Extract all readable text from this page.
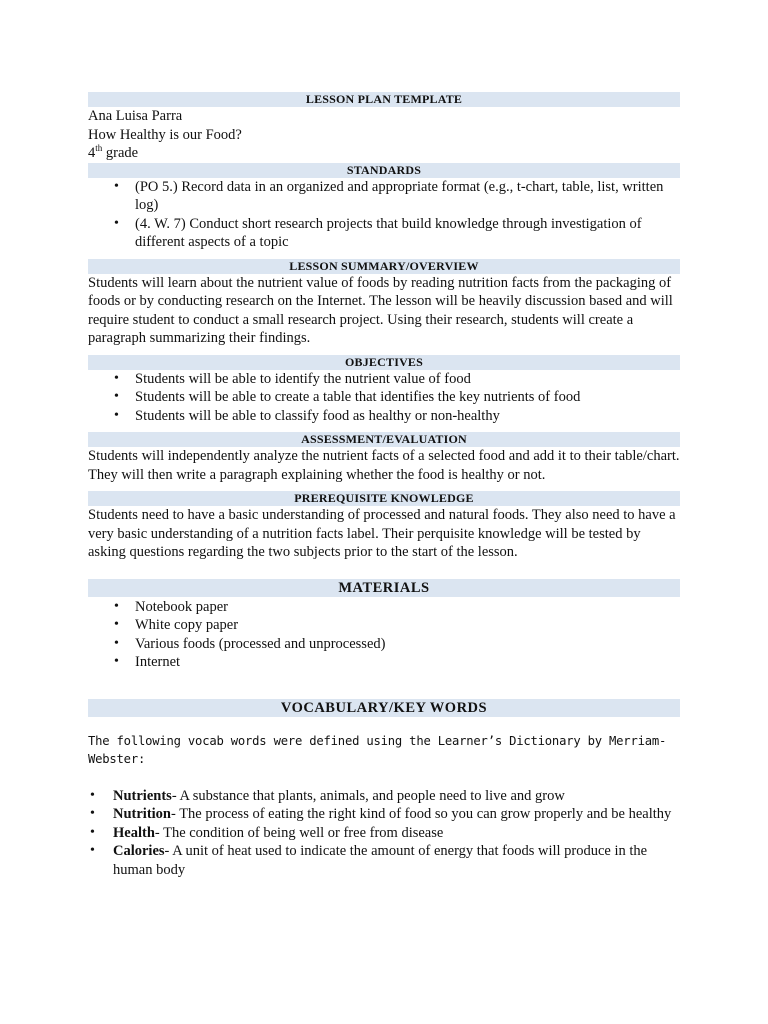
LESSON PLAN TEMPLATE
Ana Luisa Parra
How Healthy is our Food?
4th grade
STANDARDS
• (PO 5.) Record data in an organized and appropriate format (e.g., t-chart, table, list, written log)
• (4. W. 7) Conduct short research projects that build knowledge through investigation of different aspects of a topic
LESSON SUMMARY/OVERVIEW
Students will learn about the nutrient value of foods by reading nutrition facts from the packaging of foods or by conducting research on the Internet. The lesson will be heavily discussion based and will require student to conduct a small research project. Using their research, students will create a paragraph summarizing their findings.
OBJECTIVES
• Students will be able to identify the nutrient value of food
• Students will be able to create a table that identifies the key nutrients of food
• Students will be able to classify food as healthy or non-healthy
ASSESSMENT/EVALUATION
Students will independently analyze the nutrient facts of a selected food and add it to their table/chart. They will then write a paragraph explaining whether the food is healthy or not.
PREREQUISITE KNOWLEDGE
Students need to have a basic understanding of processed and natural foods. They also need to have a very basic understanding of a nutrition facts label. Their perquisite knowledge will be tested by asking questions regarding the two subjects prior to the start of the lesson.
MATERIALS
• Notebook paper
• White copy paper
• Various foods (processed and unprocessed)
• Internet
VOCABULARY/KEY WORDS
The following vocab words were defined using the Learner’s Dictionary by Merriam-Webster:
• Nutrients- A substance that plants, animals, and people need to live and grow
• Nutrition- The process of eating the right kind of food so you can grow properly and be healthy
• Health- The condition of being well or free from disease
• Calories- A unit of heat used to indicate the amount of energy that foods will produce in the human body
